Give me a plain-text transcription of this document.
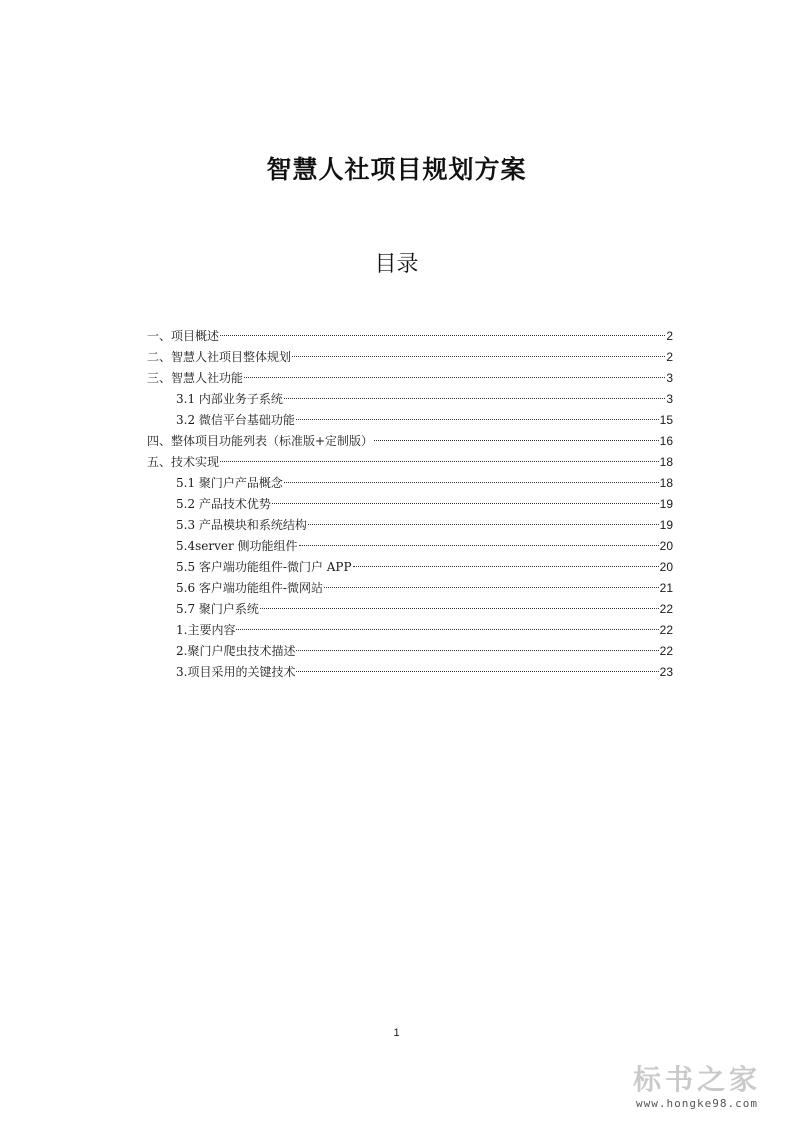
智慧人社项目规划方案
目录
一、项目概述	2
二、智慧人社项目整体规划	2
三、智慧人社功能	3
3.1 内部业务子系统	3
3.2 微信平台基础功能	15
四、整体项目功能列表（标准版+定制版）	16
五、技术实现	18
5.1 聚门户产品概念	18
5.2 产品技术优势	19
5.3 产品模块和系统结构	19
5.4server 侧功能组件	20
5.5 客户端功能组件-微门户 APP	20
5.6 客户端功能组件-微网站	21
5.7 聚门户系统	22
1.主要内容	22
2.聚门户爬虫技术描述	22
3.项目采用的关键技术	23
1
标书之家
www.hongke98.com
